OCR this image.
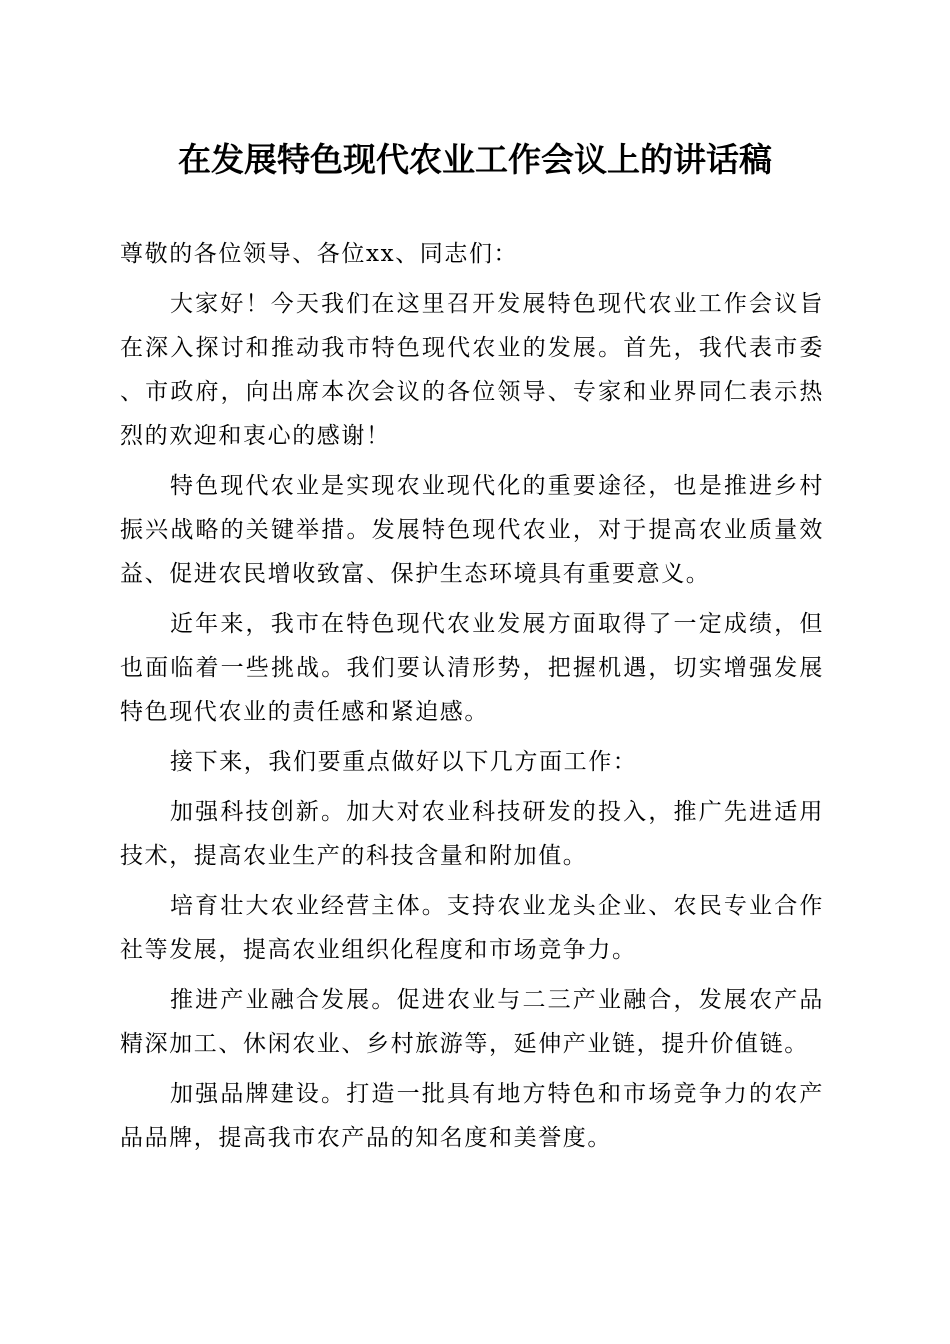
在发展特色现代农业工作会议上的讲话稿

尊敬的各位领导、各位xx、同志们：

大家好！今天我们在这里召开发展特色现代农业工作会议旨在深入探讨和推动我市特色现代农业的发展。首先，我代表市委、市政府，向出席本次会议的各位领导、专家和业界同仁表示热烈的欢迎和衷心的感谢！

特色现代农业是实现农业现代化的重要途径，也是推进乡村振兴战略的关键举措。发展特色现代农业，对于提高农业质量效益、促进农民增收致富、保护生态环境具有重要意义。

近年来，我市在特色现代农业发展方面取得了一定成绩，但也面临着一些挑战。我们要认清形势，把握机遇，切实增强发展特色现代农业的责任感和紧迫感。

接下来，我们要重点做好以下几方面工作：

加强科技创新。加大对农业科技研发的投入，推广先进适用技术，提高农业生产的科技含量和附加值。

培育壮大农业经营主体。支持农业龙头企业、农民专业合作社等发展，提高农业组织化程度和市场竞争力。

推进产业融合发展。促进农业与二三产业融合，发展农产品精深加工、休闲农业、乡村旅游等，延伸产业链，提升价值链。

加强品牌建设。打造一批具有地方特色和市场竞争力的农产品品牌，提高我市农产品的知名度和美誉度。
